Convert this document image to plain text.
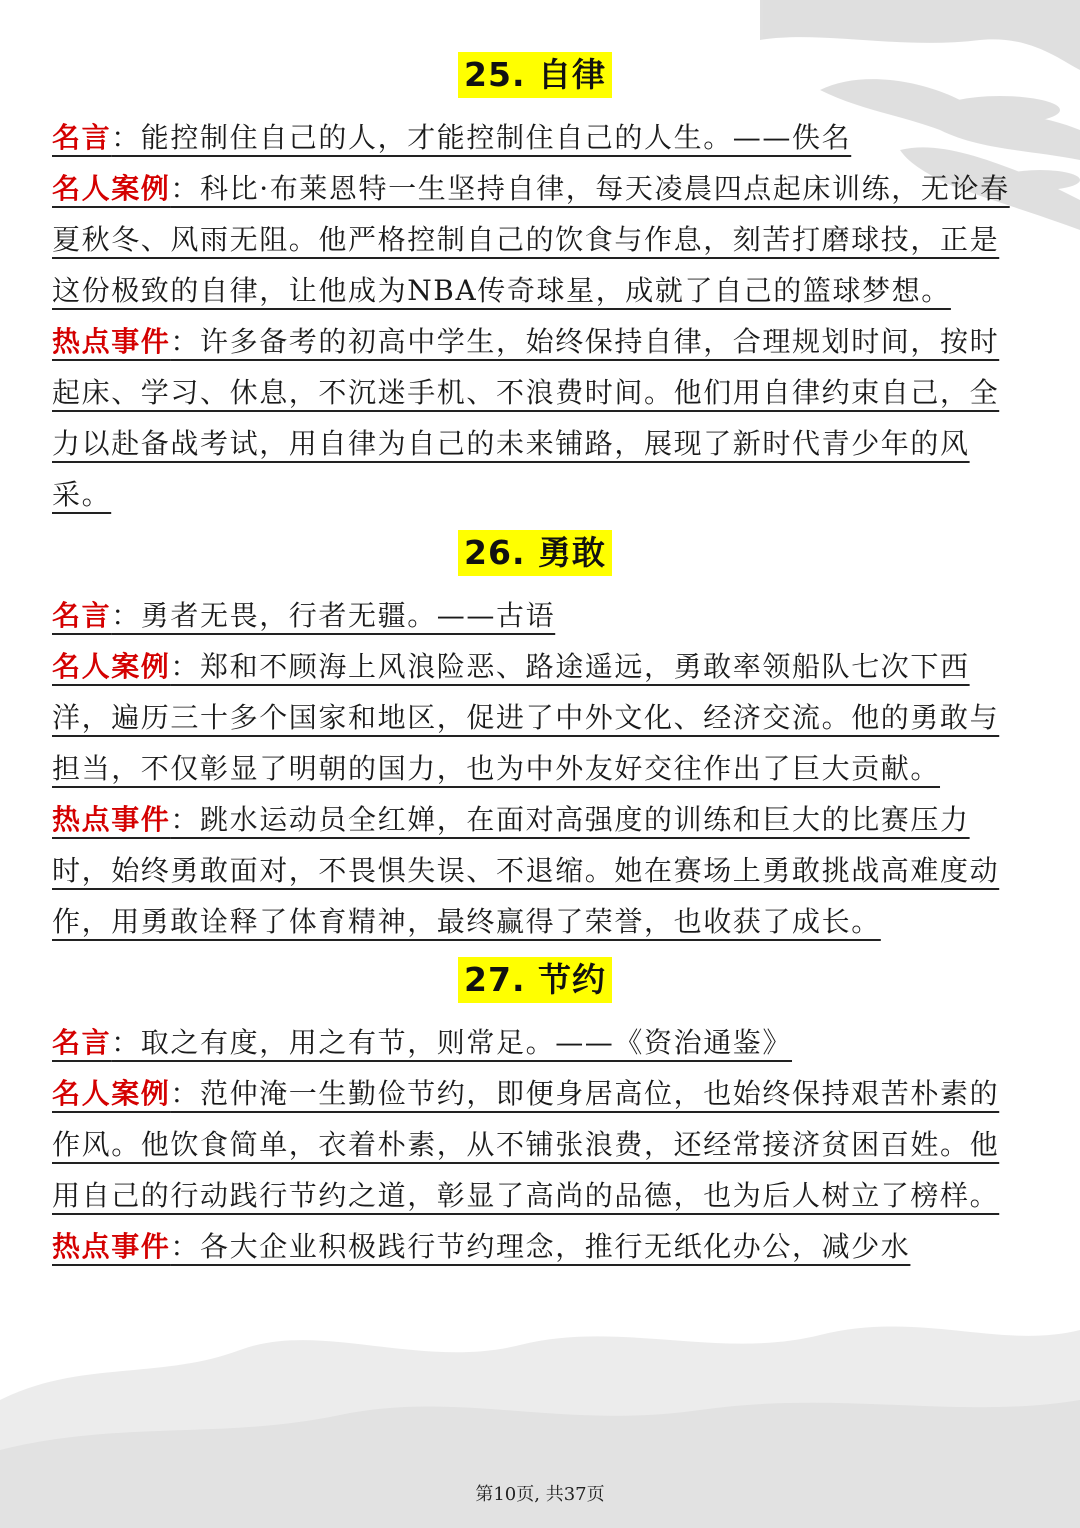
25. 自律

名言：能控制住自己的人，才能控制住自己的人生。——佚名

名人案例：科比·布莱恩特一生坚持自律，每天凌晨四点起床训练，无论春夏秋冬、风雨无阻。他严格控制自己的饮食与作息，刻苦打磨球技，正是这份极致的自律，让他成为NBA传奇球星，成就了自己的篮球梦想。

热点事件：许多备考的初高中学生，始终保持自律，合理规划时间，按时起床、学习、休息，不沉迷手机、不浪费时间。他们用自律约束自己，全力以赴备战考试，用自律为自己的未来铺路，展现了新时代青少年的风采。

26. 勇敢

名言：勇者无畏，行者无疆。——古语

名人案例：郑和不顾海上风浪险恶、路途遥远，勇敢率领船队七次下西洋，遍历三十多个国家和地区，促进了中外文化、经济交流。他的勇敢与担当，不仅彰显了明朝的国力，也为中外友好交往作出了巨大贡献。

热点事件：跳水运动员全红婵，在面对高强度的训练和巨大的比赛压力时，始终勇敢面对，不畏惧失误、不退缩。她在赛场上勇敢挑战高难度动作，用勇敢诠释了体育精神，最终赢得了荣誉，也收获了成长。

27. 节约

名言：取之有度，用之有节，则常足。——《资治通鉴》

名人案例：范仲淹一生勤俭节约，即便身居高位，也始终保持艰苦朴素的作风。他饮食简单，衣着朴素，从不铺张浪费，还经常接济贫困百姓。他用自己的行动践行节约之道，彰显了高尚的品德，也为后人树立了榜样。

热点事件：各大企业积极践行节约理念，推行无纸化办公，减少水

第10页, 共37页
